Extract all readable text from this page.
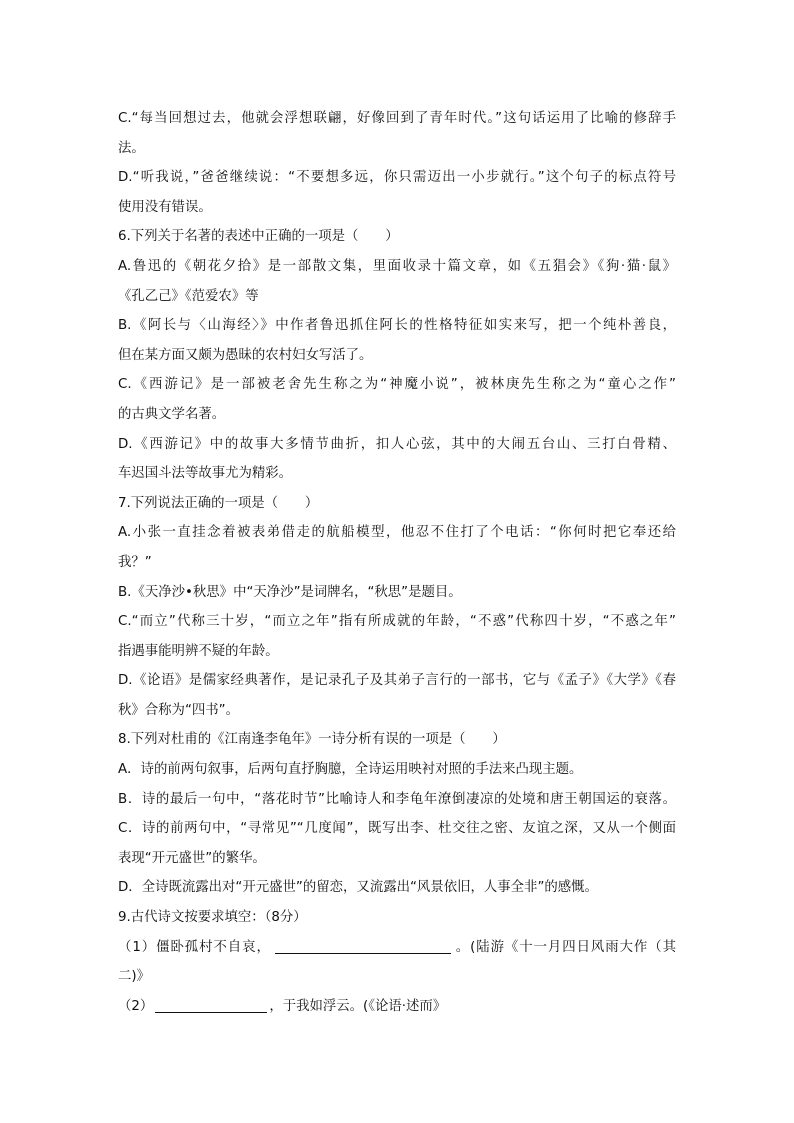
C.“每当回想过去，他就会浮想联翩，好像回到了青年时代。”这句话运用了比喻的修辞手
法。
D.“听我说，”爸爸继续说：“不要想多远，你只需迈出一小步就行。”这个句子的标点符号
使用没有错误。
6.下列关于名著的表述中正确的一项是（　　）
A.鲁迅的《朝花夕拾》是一部散文集，里面收录十篇文章，如《五猖会》《狗·猫·鼠》
《孔乙己》《范爱农》等
B.《阿长与〈山海经〉》中作者鲁迅抓住阿长的性格特征如实来写，把一个纯朴善良，
但在某方面又颇为愚昧的农村妇女写活了。
C.《西游记》是一部被老舍先生称之为“神魔小说”，被林庚先生称之为“童心之作”
的古典文学名著。
D.《西游记》中的故事大多情节曲折，扣人心弦，其中的大闹五台山、三打白骨精、
车迟国斗法等故事尤为精彩。
7.下列说法正确的一项是（　　）
A.小张一直挂念着被表弟借走的航船模型，他忍不住打了个电话：“你何时把它奉还给
我？”
B.《天净沙•秋思》中“天净沙”是词牌名，“秋思”是题目。
C.“而立”代称三十岁，“而立之年”指有所成就的年龄，“不惑”代称四十岁，“不惑之年”
指遇事能明辨不疑的年龄。
D.《论语》是儒家经典著作，是记录孔子及其弟子言行的一部书，它与《孟子》《大学》《春
秋》合称为“四书”。
8.下列对杜甫的《江南逢李龟年》一诗分析有误的一项是（　　）
A．诗的前两句叙事，后两句直抒胸臆，全诗运用映衬对照的手法来凸现主题。
B．诗的最后一句中，“落花时节”比喻诗人和李龟年潦倒凄凉的处境和唐王朝国运的衰落。
C．诗的前两句中，“寻常见”“几度闻”，既写出李、杜交往之密、友谊之深，又从一个侧面
表现“开元盛世”的繁华。
D．全诗既流露出对“开元盛世”的留恋，又流露出“风景依旧，人事全非”的感慨。
9.古代诗文按要求填空：（8分）
（1）僵卧孤村不自哀，	。(陆游《十一月四日风雨大作（其
二)》
（2）	，于我如浮云。(《论语·述而》
